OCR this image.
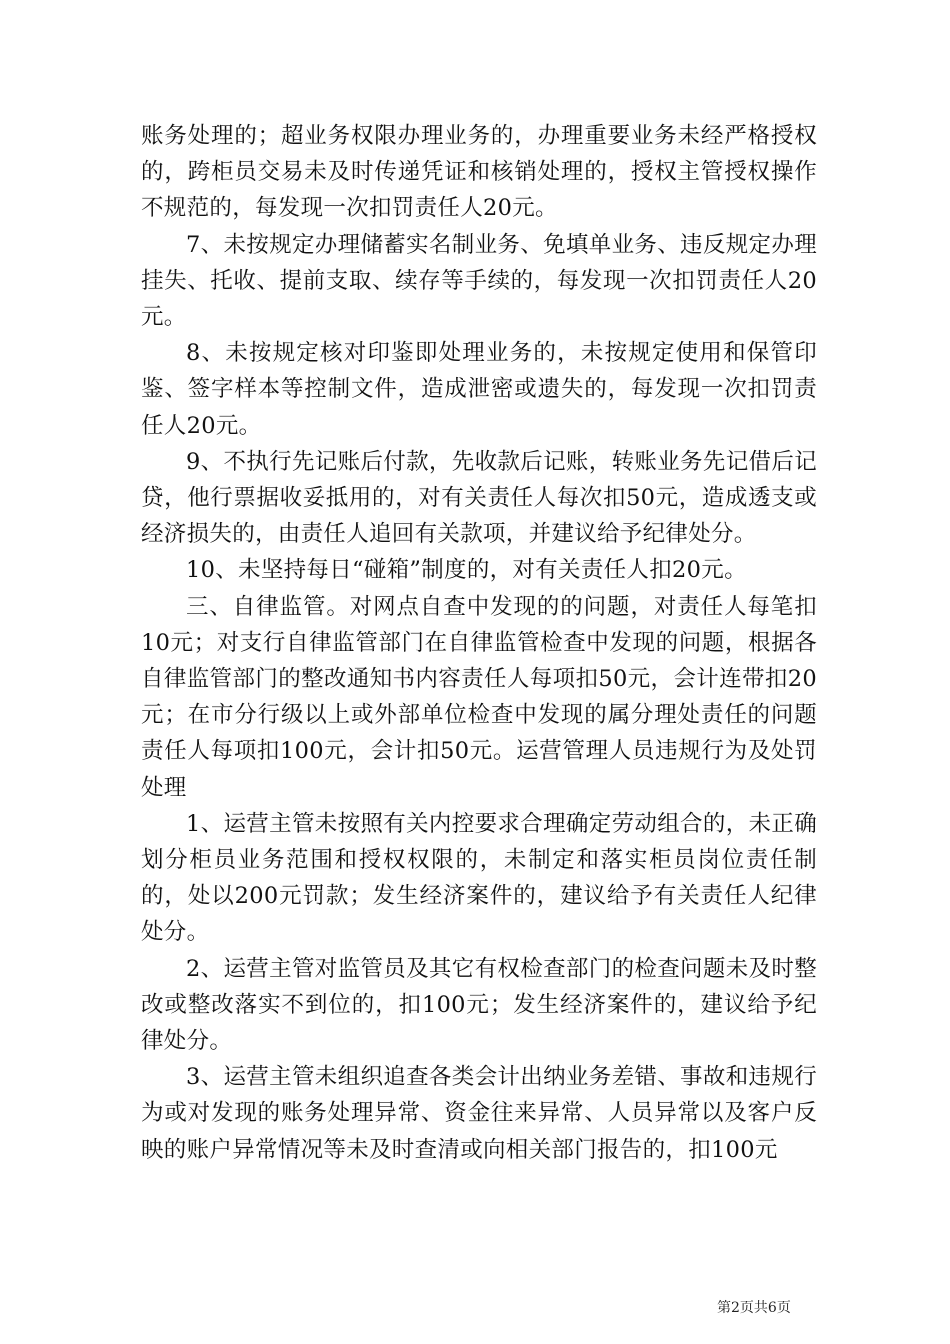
账务处理的；超业务权限办理业务的，办理重要业务未经严格授权的，跨柜员交易未及时传递凭证和核销处理的，授权主管授权操作不规范的，每发现一次扣罚责任人20元。

7、未按规定办理储蓄实名制业务、免填单业务、违反规定办理挂失、托收、提前支取、续存等手续的，每发现一次扣罚责任人20元。

8、未按规定核对印鉴即处理业务的，未按规定使用和保管印鉴、签字样本等控制文件，造成泄密或遗失的，每发现一次扣罚责任人20元。

9、不执行先记账后付款，先收款后记账，转账业务先记借后记贷，他行票据收妥抵用的，对有关责任人每次扣50元，造成透支或经济损失的，由责任人追回有关款项，并建议给予纪律处分。

10、未坚持每日“碰箱”制度的，对有关责任人扣20元。

三、自律监管。对网点自查中发现的的问题，对责任人每笔扣10元；对支行自律监管部门在自律监管检查中发现的问题，根据各自律监管部门的整改通知书内容责任人每项扣50元，会计连带扣20元；在市分行级以上或外部单位检查中发现的属分理处责任的问题责任人每项扣100元，会计扣50元。运营管理人员违规行为及处罚处理

1、运营主管未按照有关内控要求合理确定劳动组合的，未正确划分柜员业务范围和授权权限的，未制定和落实柜员岗位责任制的，处以200元罚款；发生经济案件的，建议给予有关责任人纪律处分。

2、运营主管对监管员及其它有权检查部门的检查问题未及时整改或整改落实不到位的，扣100元；发生经济案件的，建议给予纪律处分。

3、运营主管未组织追查各类会计出纳业务差错、事故和违规行为或对发现的账务处理异常、资金往来异常、人员异常以及客户反映的账户异常情况等未及时查清或向相关部门报告的，扣100元

第2页共6页
